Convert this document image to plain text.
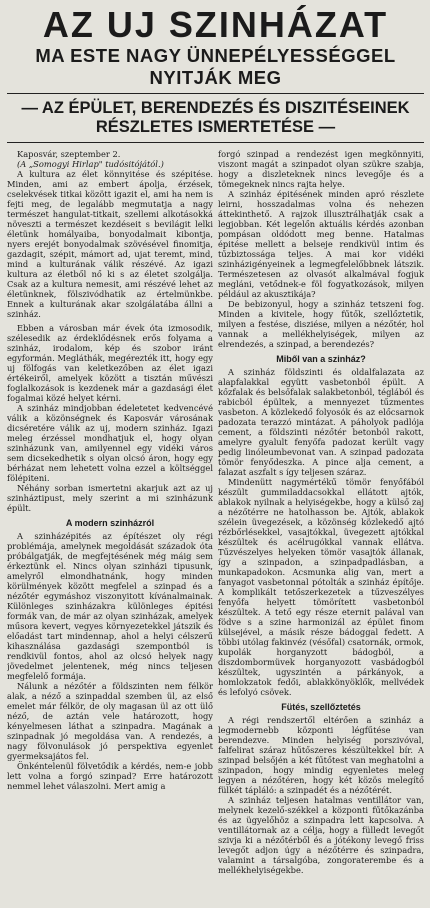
AZ UJ SZINHÁZAT
MA ESTE NAGY ÜNNEPÉLYESSÉGGEL
NYITJÁK MEG
— AZ ÉPÜLET, BERENDEZÉS ÉS DISZITÉSEINEK
RÉSZLETES ISMERTETÉSE —

Kaposvár, szeptember 2.

(A „Somogyi Hirlap" tudósitójától.)

A kultura az élet könnyitése és szépitése. Minden, ami az embert ápolja, érzések, cselekvések titkai között igazit el, ami ha nem is fejti meg, de legalább megmutatja a nagy természet hangulat-titkait, szellemi alkotásokká növeszti a természet kezdéseit s bevilágit lelki életünk homályaiba, bonyodalmait kibontja, nyers erejét bonyodalmak szövésével finomitja, gazdagit, szépit, mámort ad, ujat teremt, mind, mind a kulturának válik részévé. Az igazi kultura az életből nő ki s az életet szolgálja. Csak az a kultura nemesit, ami részévé lehet az életünknek, fölszivódhatik az értelmünkbe. Ennek a kulturának akar szolgálatába állni a szinház.

Ebben a városban már évek óta izmosodik, szélesedik az érdeklődésnek erős folyama a szinház, irodalom, kép és szobor iránt egyformán. Megláthák, megérezték itt, hogy egy uj fölfogás van keletkezőben az élet igazi értékeiről, amelyek között a tisztán művészi foglalkozások is kezdenek már a gazdasági élet fogalmai közé helyet kérni.

A szinház mindjobban édeletetet kedvencévé válik a közönségnek és Kaposvár városának dicséretére válik az uj, modern szinház. Igazi meleg érzéssel mondhatjuk el, hogy olyan szinházunk van, amilyennel egy vidéki város sem dicsekedhetik s olyan olcsó áron, hogy egy bérházat nem lehetett volna ezzel a költséggel fölépiteni.

Néhány sorban ismertetni akarjuk azt az uj szinháztipust, mely szerint a mi szinházunk épült.

A modern szinházról

A szinházépités az építészet oly régi problémája, amelynek megoldását századok óta próbálgatják, de megfejtésének még máig sem érkeztünk el. Nincs olyan szinházi tipusunk, amelyről elmondhatnánk, hogy minden körülmények között megfelel a szinpad és a nézőtér egymáshoz viszonyitott kívánalmainak. Különleges szinházakra különleges épitési formák van, de már az olyan szinházak, amelyek műsora kevert, vegyes környezetekkel játszik és előadást tart mindennap, ahol a helyi célszerű kihasználása gazdasági szempontból is rendkivül fontos, ahol az olcsó helyek nagy jövedelmet jelentenek, még nincs teljesen megfelelő formája.

Nálunk a nézőtér a földszinten nem félkör alak, a néző a szinpaddal szemben ül, az első emelet már félkör, de oly magasan ül az ott ülő néző, de aztán vele határozott, hogy kényelmesen láthat a szinpadra. Magának a szinpadnak jó megoldása van. A rendezés, a nagy fölvonulások jó perspektiva egyenlet gyermeksajátos fel.

Önkéntelenül fölvetődik a kérdés, nem-e jobb lett volna a forgó szinpad? Erre határozott nemmel lehet válaszolni. Mert amig a

forgó szinpad a rendezést igen megkönnyiti, viszont magát a szinpadot olyan szükre szabja, hogy a diszleteknek nincs levegője és a tömegeknek nincs rajta helye.

A szinház épitésének minden apró részlete leirni, hosszadalmas volna és nehezen áttekinthető. A rajzok illusztrálhatják csak a legjobban. Két legelőn aktuális kérdés azonban pompásan oldódott meg benne. Hatalmas épitése mellett a belseje rendkivül intim és tűzbiztossága teljes. A mai kor vidéki szinházigényeinek a legmegfelelőbbnek látszik. Természetesen az olvasót alkalmával fogjuk megláni, vetődnek-e föl fogyatkozások, milyen például az akusztikája?

De bebizonyul, hogy a szinház tetszeni fog. Minden a kivitele, hogy fűtők, szellőztetik, milyen a festése, disziése, milyen a nézőtér, hol vannak a mellékhelyiségek, milyen az elrendezés, a szinpad, a berendezés?

Miből van a szinház?

A szinház földszinti és oldalfalazata az alapfalakkal együtt vasbetonból épült. A kőzfalak és belsőfalak salakbetonból, téglából és rabicból épültek, a mennyezet tűzmentes vasbeton. A közlekedő folyosók és az előcsarnok padozata terazzó mintázat. A páholyok padlója cement, a földszinti nézőtér betonból rakott, amelyre gyalult fenyőfa padozat került vagy pedig linóleumbevonat van. A szinpad padozata tömör fenyődeszka. A pince alja cement, a falazat aszfalt s így teljesen száraz.

Mindenütt nagymértékű tömör fenyőfából készült gummiladdacsokkal ellátott ajtók, ablakok nyilnak a helyiségekbe, hogy a külső zaj a nézőtérre ne hatolhasson be. Ajtók, ablakok szélein üvegezések, a közönség közlekedő ajtó rézbőrlésekkel, vasajtókkal, üvegezett ajtókkal készültek és acélrugókkal vannak ellátva. Tűzvészelyes helyeken tömör vasajtók állanak, így a szinpadon, a szinpadpadlásban, a munkapadokon. Acsmunka alig van, mert a fanyagot vasbetonnal pótolták a szinház építője. A komplikált tetőszerkezetek a tűzveszélyes fenyőfa helyett tömörített vasbetonból készültek. A tető egy része eternit palával van födve s a szine harmonizál az épület finom külsejével, a másik része bádoggal fedett. A többi utólag fakinvéz (vésőfal) csatornák, ormok, kupolák horganyzott bádogból, a diszdombormüvek horganyozott vasbádogból készültek, ugyszintén a párkányok, a homlokzatok fedői, ablakkönyöklők, mellvédek és lefolyó csövek.

Fütés, szellőztetés

A régi rendszertől eltérően a szinház a legmodernebb központi légfűtése van berendezve. Minden helyiség porszivóval, falfelirat száraz hűtőszeres készültekkel bír. A szinpad belsőjén a két fűtőtest van meghatolni a szinpadon, hogy mindig egyenletes meleg legyen a nézőtéren, hogy két közös melegítő fülkét tápláló: a szinpadét és a nézőtérét.

A szinház teljesen hatalmas ventillátor van, melynek kezelő-székkel a központi fűtőkazánba és az ügyelőhöz a szinpadra lett kapcsolva. A ventillátornak az a célja, hogy a fülledt levegőt szivja ki a nézőtérből és a jótékony levegő friss levegőt adjon úgy a nézőtérre és szinpadra, valamint a társalgóba, zongoraterembe és a mellékhelyiségekbe.
